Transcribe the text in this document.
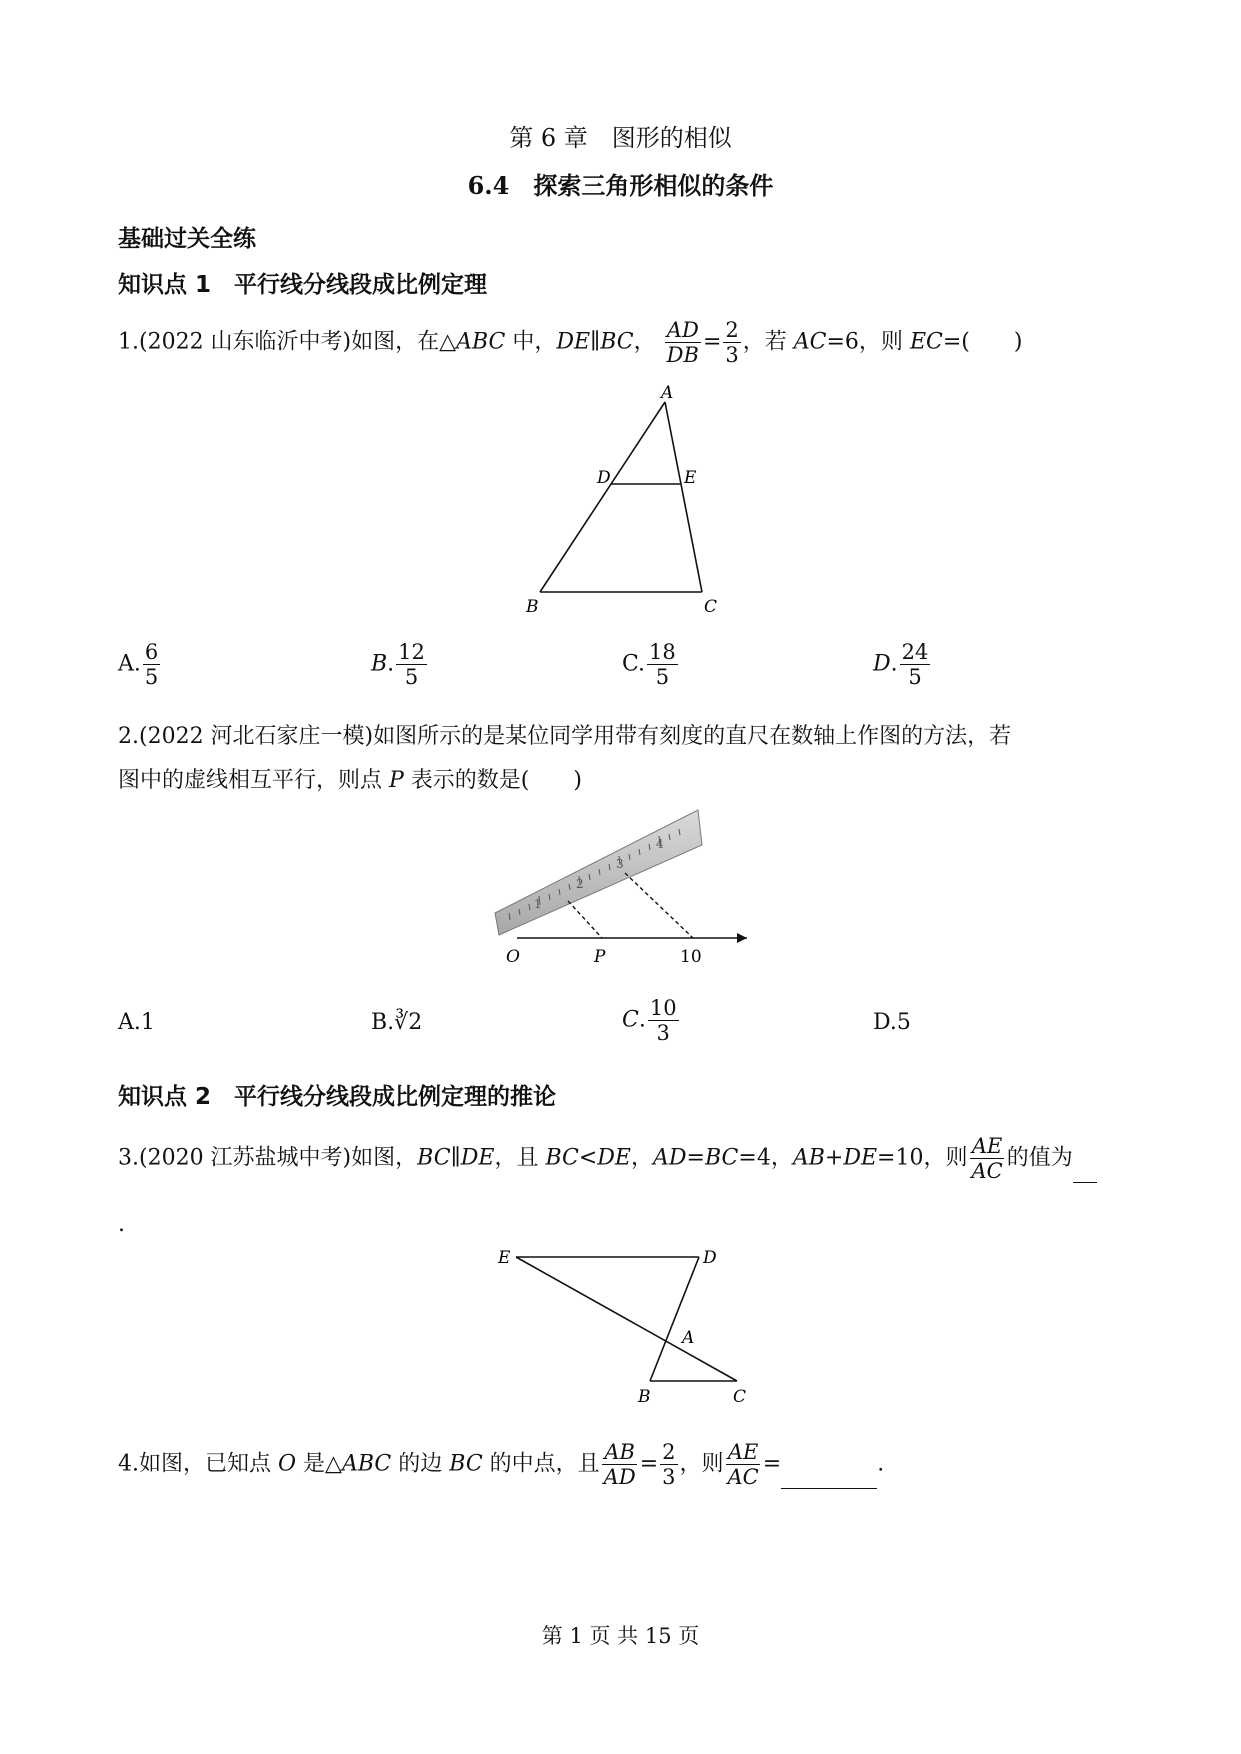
第 6 章　图形的相似
6.4　探索三角形相似的条件
基础过关全练
知识点 1　平行线分线段成比例定理
1.(2022 山东临沂中考)如图，在△ABC 中，DE∥BC， $\frac{AD}{DB} = \frac{2}{3}$ ，若 AC=6，则 EC=(　　)
A
D	E
B	C
A. $\frac{6}{5}$	B. $\frac{12}{5}$	C. $\frac{18}{5}$	D. $\frac{24}{5}$
2.(2022 河北石家庄一模)如图所示的是某位同学用带有刻度的直尺在数轴上作图的方法，若
图中的虚线相互平行，则点 P 表示的数是(　　)
1
2
3
4
O	P	10
A.1	B.∛2	C. $\frac{10}{3}$	D.5
知识点 2　平行线分线段成比例定理的推论
3.(2020 江苏盐城中考)如图，BC∥DE，且 BC<DE，AD=BC=4，AB+DE=10，则 $\frac{AE}{AC}$ 的值为
.
E	D
A
B	C
4.如图，已知点 O 是△ABC 的边 BC 的中点，且 $\frac{AB}{AD} = \frac{2}{3}$ ，则 $\frac{AE}{AC}$ =	.
第 1 页 共 15 页
